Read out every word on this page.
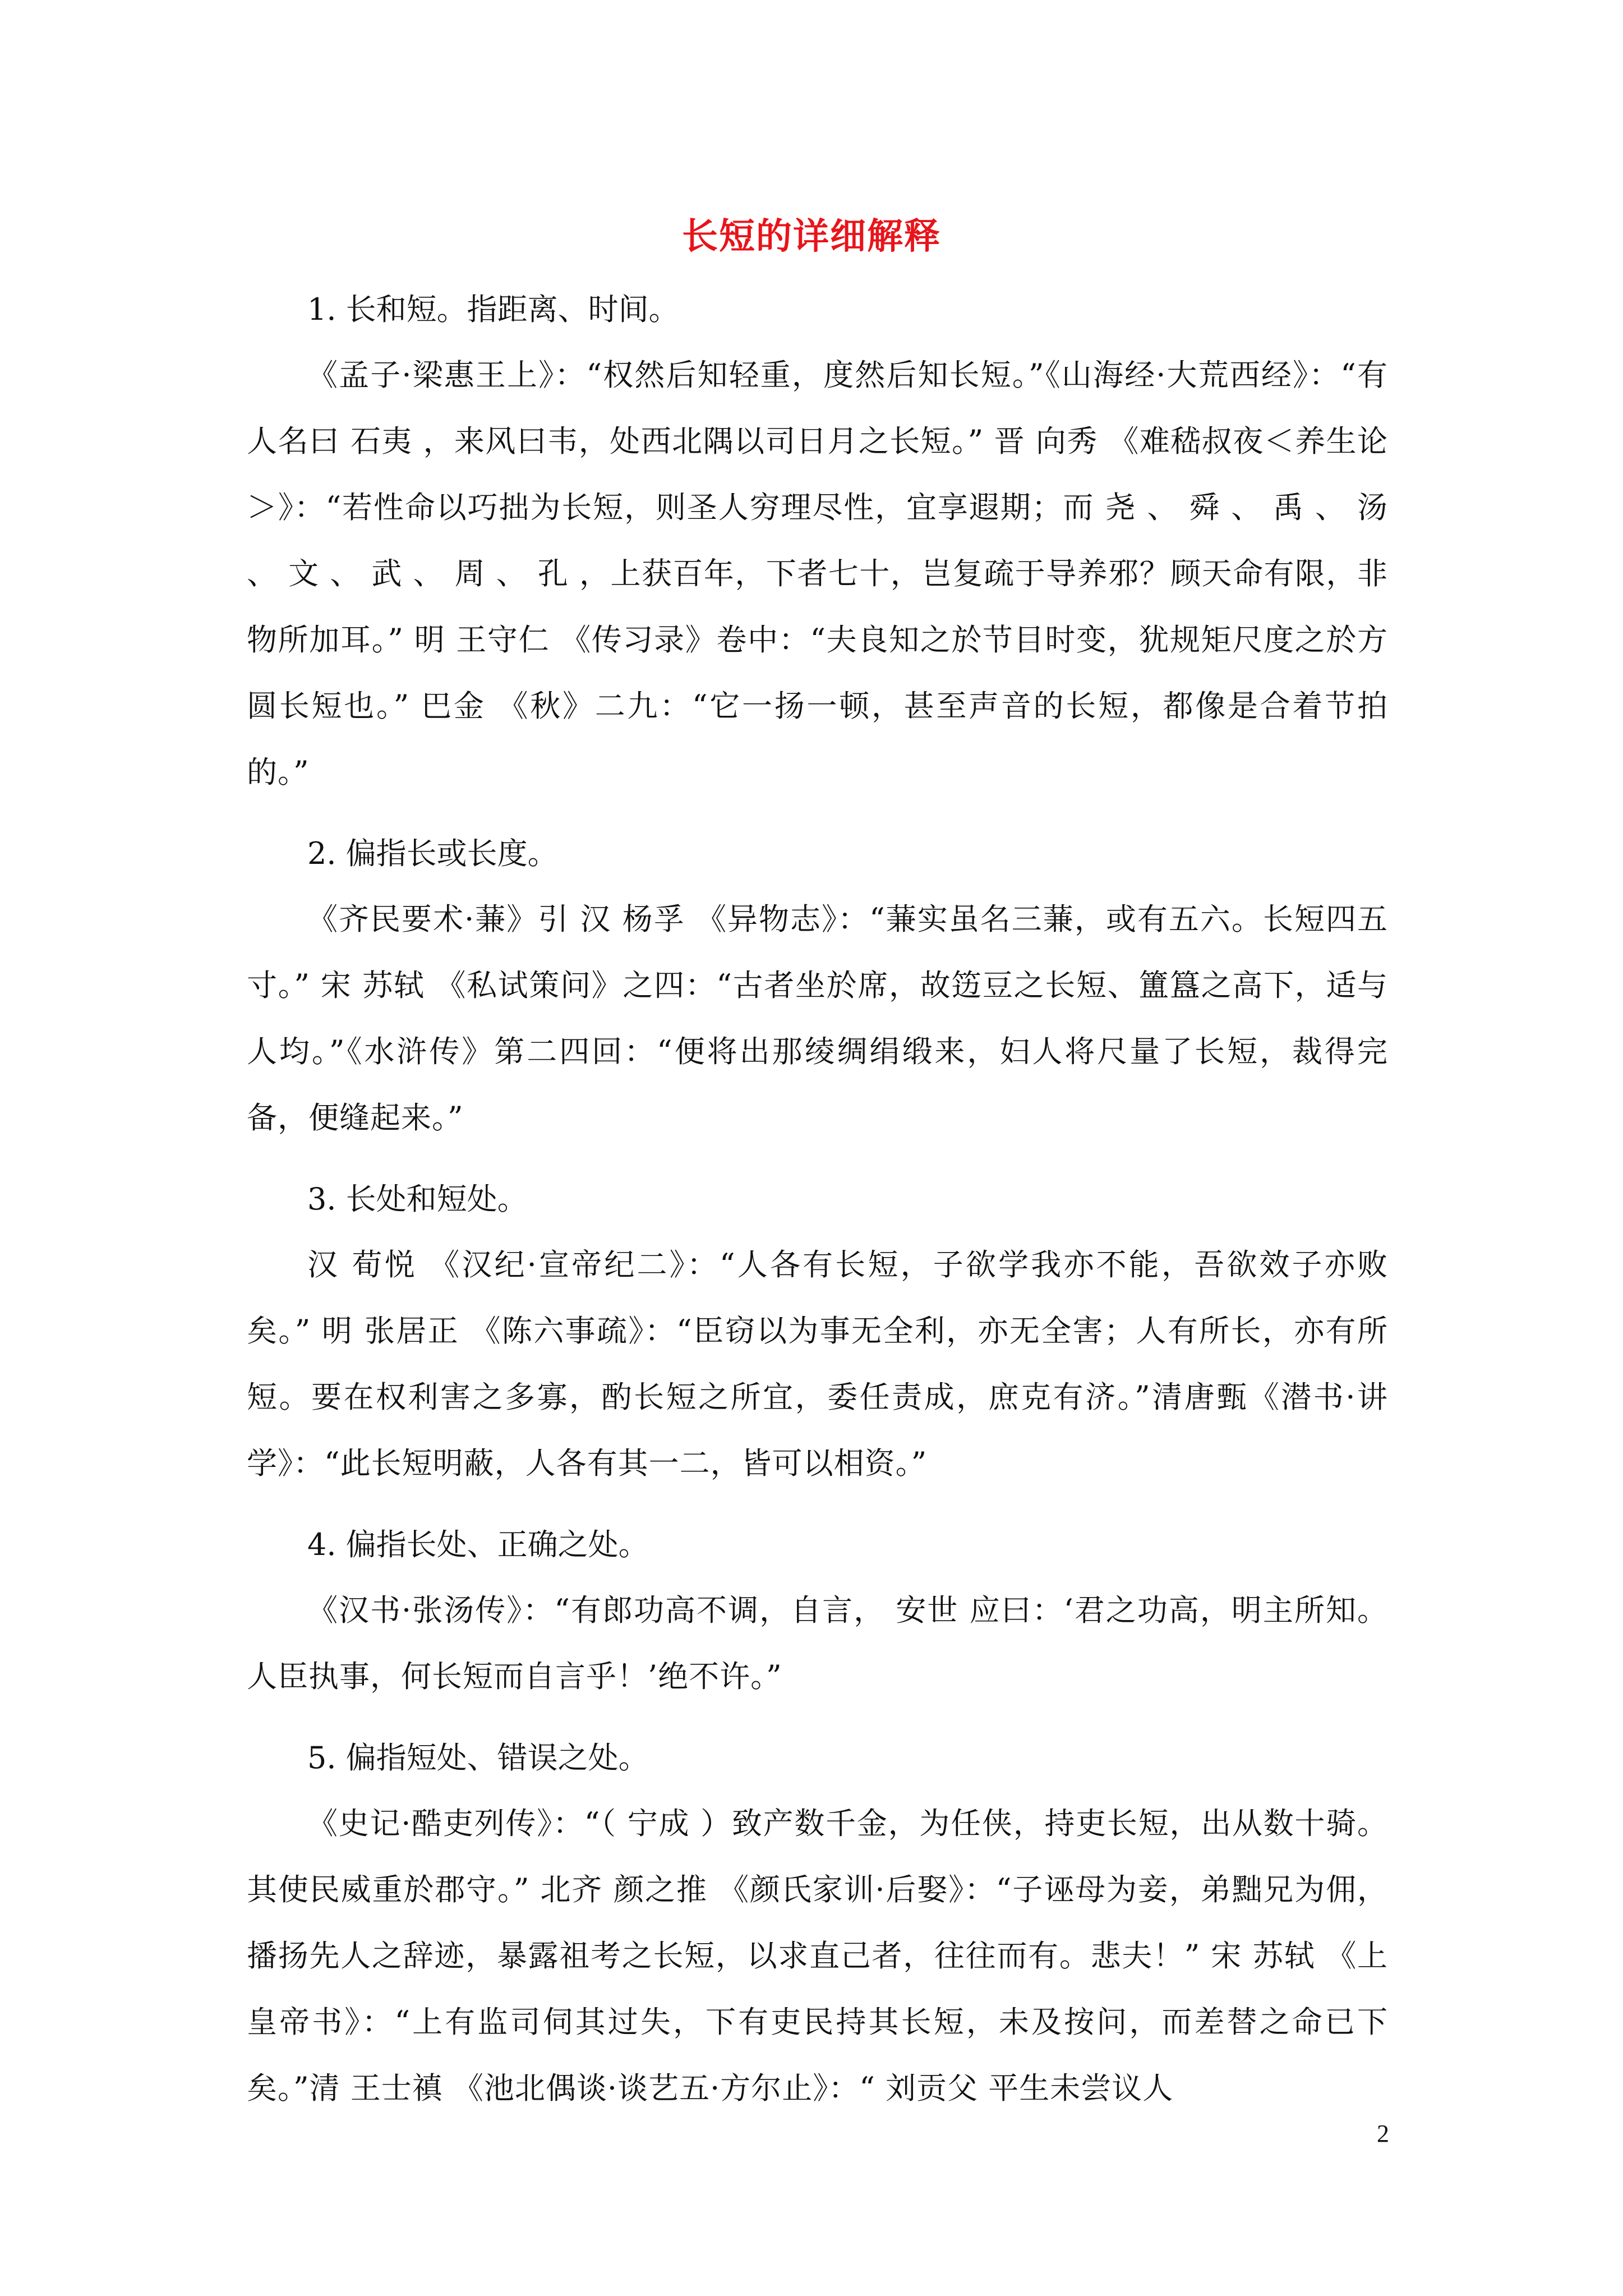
长短的详细解释
1. 长和短。指距离、时间。

《孟子·梁惠王上》：“权然后知轻重，度然后知长短。”《山海经·大荒西经》：“有人名曰 石夷 ，来风曰韦，处西北隅以司日月之长短。” 晋 向秀 《难嵇叔夜＜养生论＞》：“若性命以巧拙为长短，则圣人穷理尽性，宜享遐期；而 尧 、 舜 、 禹 、 汤 、 文 、 武 、 周 、 孔 ，上获百年，下者七十，岂复疏于导养邪？顾天命有限，非物所加耳。” 明 王守仁 《传习录》卷中：“夫良知之於节目时变，犹规矩尺度之於方圆长短也。” 巴金 《秋》二九：“它一扬一顿，甚至声音的长短，都像是合着节拍的。”

2. 偏指长或长度。

《齐民要术·蒹》引 汉 杨孚 《异物志》：“蒹实虽名三蒹，或有五六。长短四五寸。” 宋 苏轼 《私试策问》之四：“古者坐於席，故笾豆之长短、簠簋之高下，适与人均。”《水浒传》第二四回：“便将出那绫绸绢缎来，妇人将尺量了长短，裁得完备，便缝起来。”

3. 长处和短处。

汉 荀悦 《汉纪·宣帝纪二》：“人各有长短，子欲学我亦不能，吾欲效子亦败矣。” 明 张居正 《陈六事疏》：“臣窃以为事无全利，亦无全害；人有所长，亦有所短。要在权利害之多寡，酌长短之所宜，委任责成，庶克有济。”清唐甄《潜书·讲学》：“此长短明蔽，人各有其一二，皆可以相资。”

4. 偏指长处、正确之处。

《汉书·张汤传》：“有郎功高不调，自言， 安世 应曰：‘君之功高，明主所知。人臣执事，何长短而自言乎！’绝不许。”

5. 偏指短处、错误之处。

《史记·酷吏列传》：“（ 宁成 ）致产数千金，为任侠，持吏长短，出从数十骑。其使民威重於郡守。” 北齐 颜之推 《颜氏家训·后娶》：“子诬母为妾，弟黜兄为佣，播扬先人之辞迹，暴露祖考之长短，以求直己者，往往而有。悲夫！” 宋 苏轼 《上皇帝书》：“上有监司伺其过失，下有吏民持其长短，未及按问，而差替之命已下矣。”清 王士禛 《池北偶谈·谈艺五·方尔止》：“ 刘贡父 平生未尝议人

2
